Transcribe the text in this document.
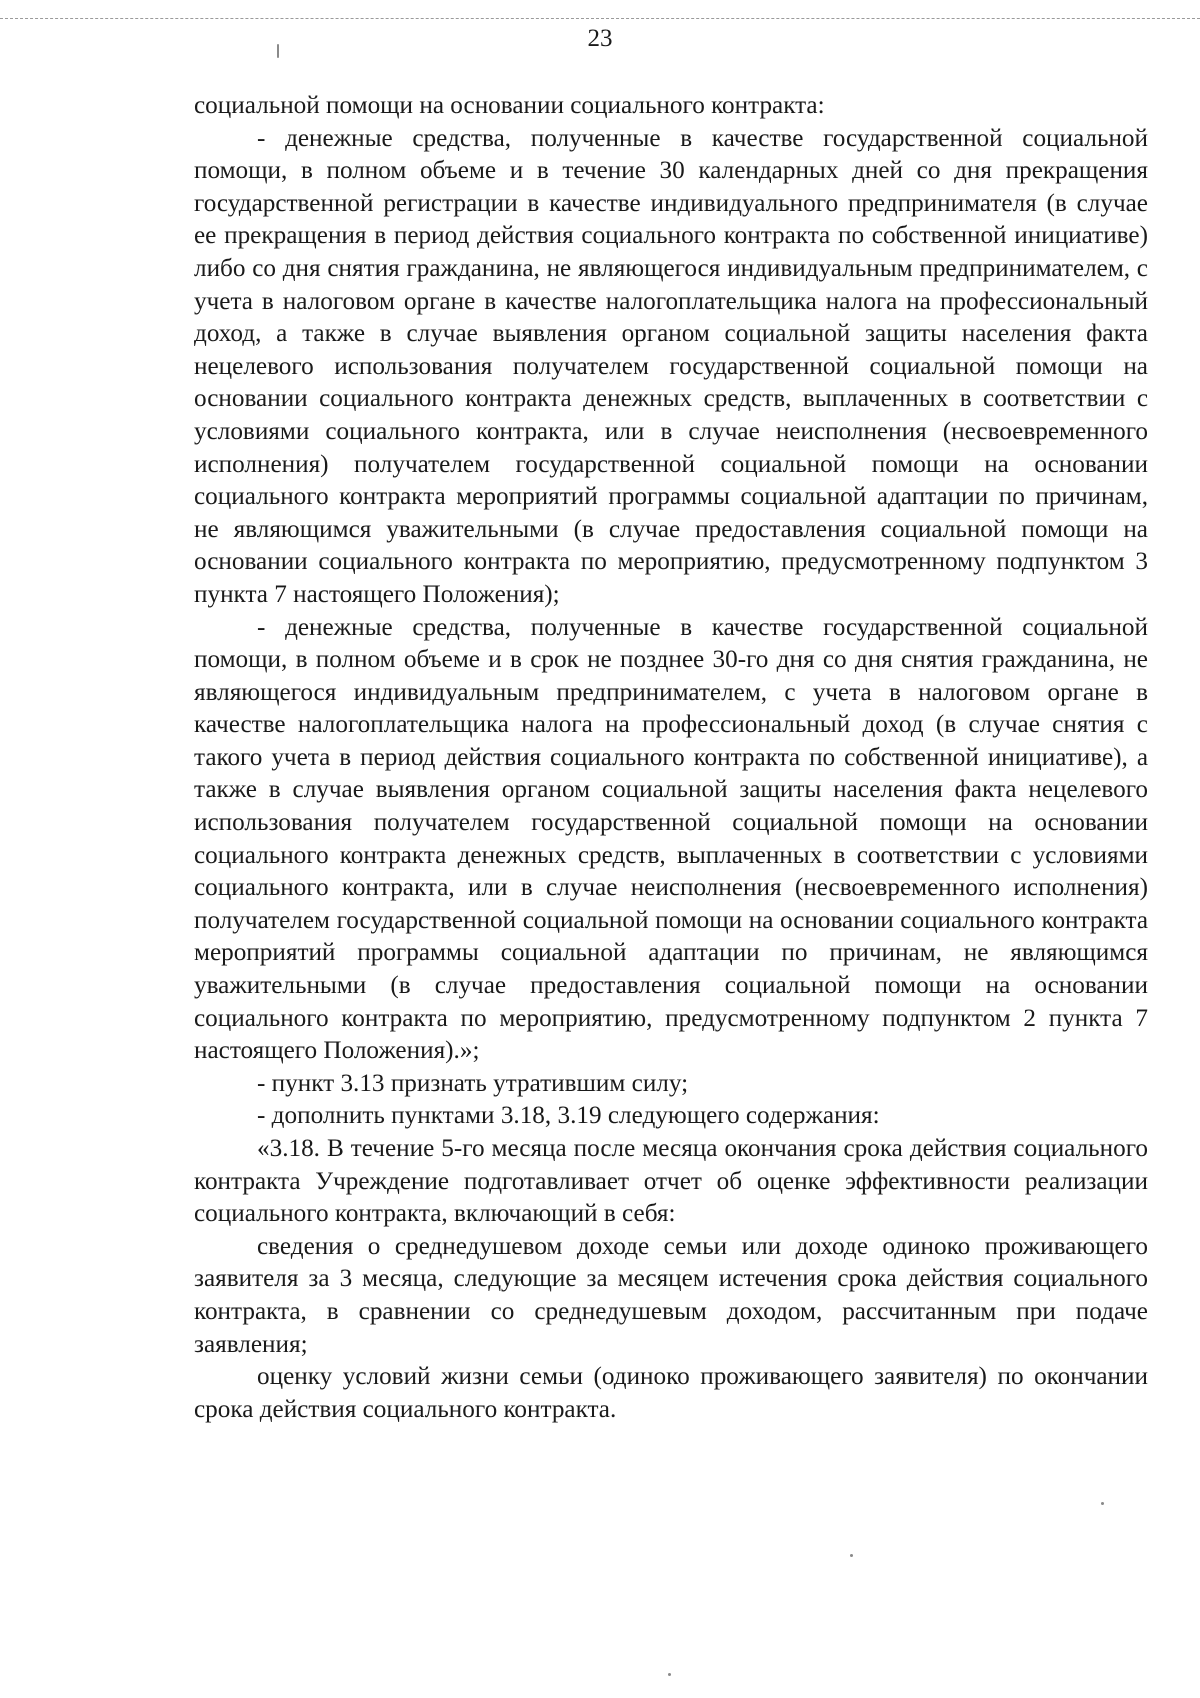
23

социальной помощи на основании социального контракта:

- денежные средства, полученные в качестве государственной социальной помощи, в полном объеме и в течение 30 календарных дней со дня прекращения государственной регистрации в качестве индивидуального предпринимателя (в случае ее прекращения в период действия социального контракта по собственной инициативе) либо со дня снятия гражданина, не являющегося индивидуальным предпринимателем, с учета в налоговом органе в качестве налогоплательщика налога на профессиональный доход, а также в случае выявления органом социальной защиты населения факта нецелевого использования получателем государственной социальной помощи на основании социального контракта денежных средств, выплаченных в соответствии с условиями социального контракта, или в случае неисполнения (несвоевременного исполнения) получателем государственной социальной помощи на основании социального контракта мероприятий программы социальной адаптации по причинам, не являющимся уважительными (в случае предоставления социальной помощи на основании социального контракта по мероприятию, предусмотренному подпунктом 3 пункта 7 настоящего Положения);

- денежные средства, полученные в качестве государственной социальной помощи, в полном объеме и в срок не позднее 30-го дня со дня снятия гражданина, не являющегося индивидуальным предпринимателем, с учета в налоговом органе в качестве налогоплательщика налога на профессиональный доход (в случае снятия с такого учета в период действия социального контракта по собственной инициативе), а также в случае выявления органом социальной защиты населения факта нецелевого использования получателем государственной социальной помощи на основании социального контракта денежных средств, выплаченных в соответствии с условиями социального контракта, или в случае неисполнения (несвоевременного исполнения) получателем государственной социальной помощи на основании социального контракта мероприятий программы социальной адаптации по причинам, не являющимся уважительными (в случае предоставления социальной помощи на основании социального контракта по мероприятию, предусмотренному подпунктом 2 пункта 7 настоящего Положения).»;

- пункт 3.13 признать утратившим силу;

- дополнить пунктами 3.18, 3.19 следующего содержания:

«3.18. В течение 5-го месяца после месяца окончания срока действия социального контракта Учреждение подготавливает отчет об оценке эффективности реализации социального контракта, включающий в себя:

сведения о среднедушевом доходе семьи или доходе одиноко проживающего заявителя за 3 месяца, следующие за месяцем истечения срока действия социального контракта, в сравнении со среднедушевым доходом, рассчитанным при подаче заявления;

оценку условий жизни семьи (одиноко проживающего заявителя) по окончании срока действия социального контракта.
